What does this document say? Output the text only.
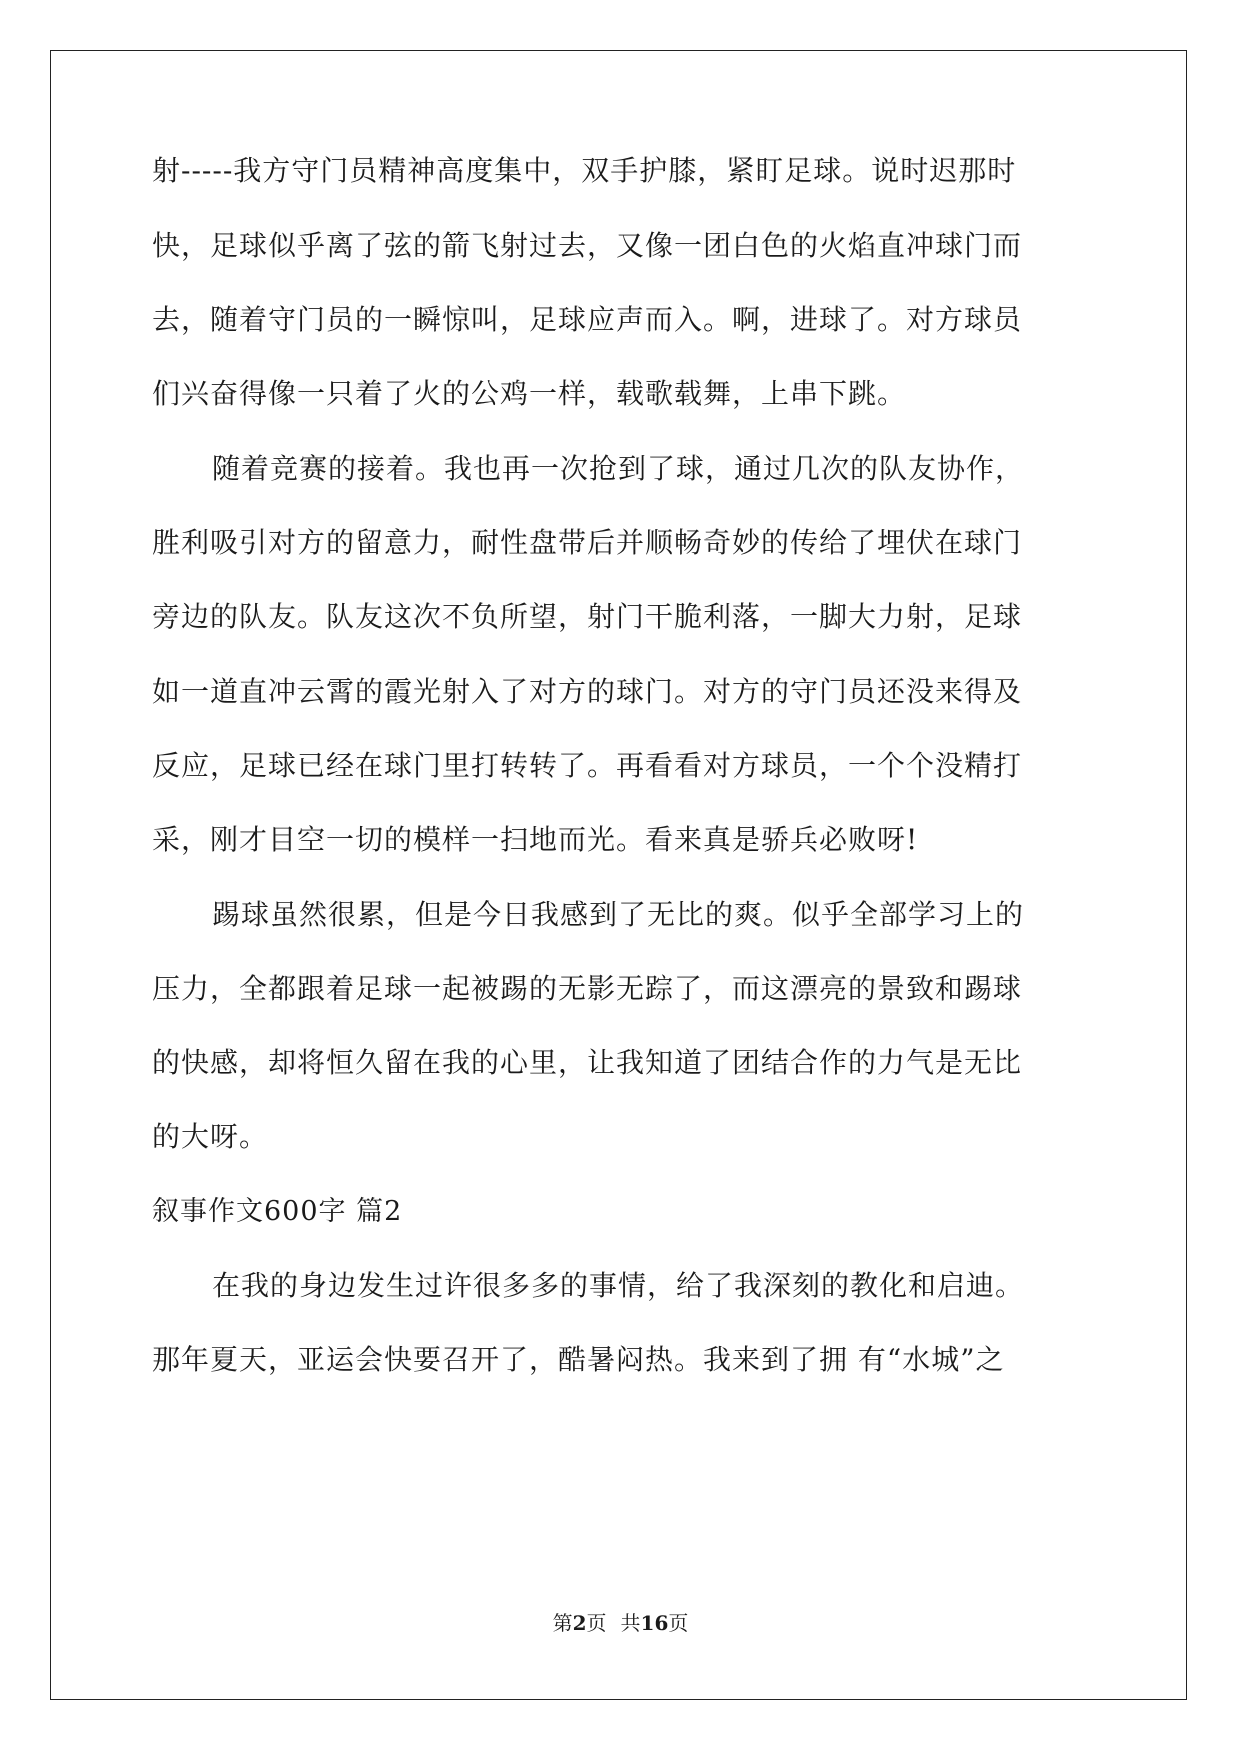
射-----我方守门员精神高度集中，双手护膝，紧盯足球。说时迟那时
快，足球似乎离了弦的箭飞射过去，又像一团白色的火焰直冲球门而
去，随着守门员的一瞬惊叫，足球应声而入。啊，进球了。对方球员
们兴奋得像一只着了火的公鸡一样，载歌载舞，上串下跳。
随着竞赛的接着。我也再一次抢到了球，通过几次的队友协作，
胜利吸引对方的留意力，耐性盘带后并顺畅奇妙的传给了埋伏在球门
旁边的队友。队友这次不负所望，射门干脆利落，一脚大力射，足球
如一道直冲云霄的霞光射入了对方的球门。对方的守门员还没来得及
反应，足球已经在球门里打转转了。再看看对方球员，一个个没精打
采，刚才目空一切的模样一扫地而光。看来真是骄兵必败呀!
踢球虽然很累，但是今日我感到了无比的爽。似乎全部学习上的
压力，全都跟着足球一起被踢的无影无踪了，而这漂亮的景致和踢球
的快感，却将恒久留在我的心里，让我知道了团结合作的力气是无比
的大呀。
叙事作文600字 篇2
在我的身边发生过许很多多的事情，给了我深刻的教化和启迪。
那年夏天，亚运会快要召开了，酷暑闷热。我来到了拥 有“水城”之
第2页 共16页
